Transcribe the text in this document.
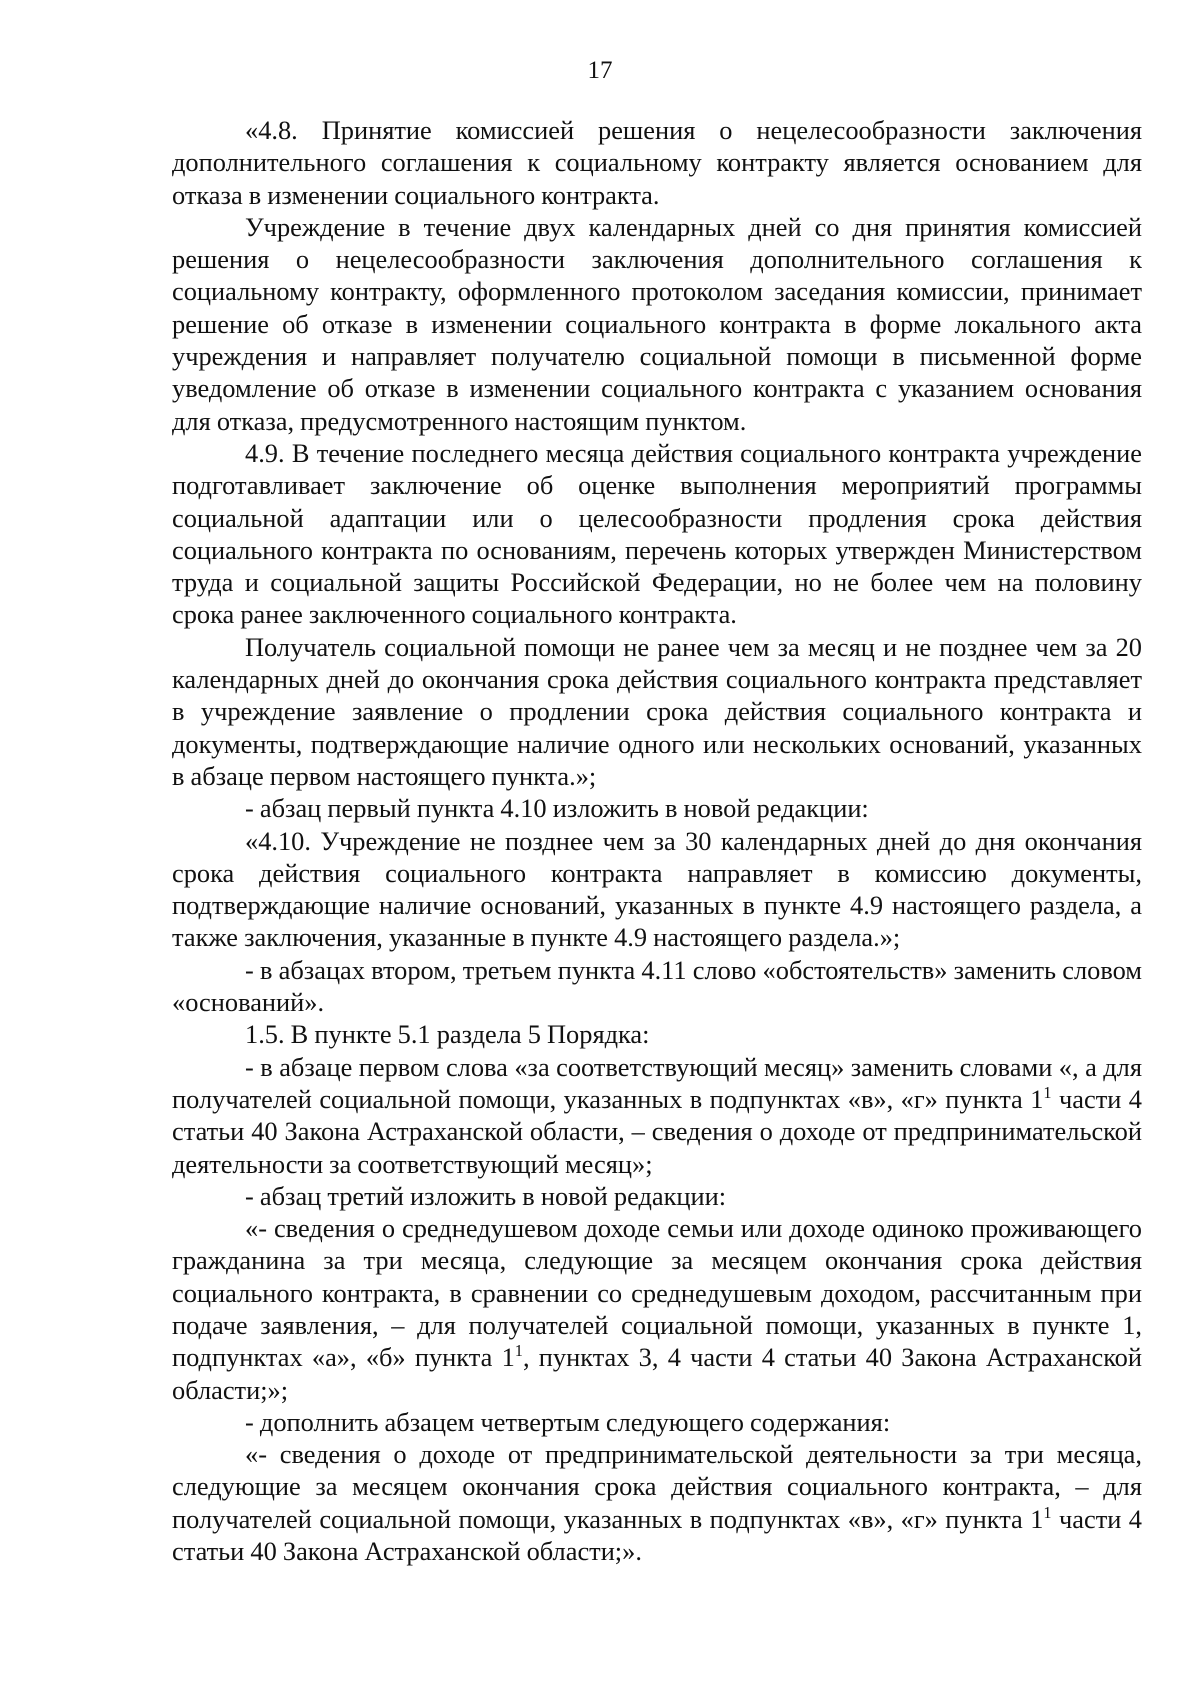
17

«4.8. Принятие комиссией решения о нецелесообразности заключения дополнительного соглашения к социальному контракту является основанием для отказа в изменении социального контракта.

Учреждение в течение двух календарных дней со дня принятия комиссией решения о нецелесообразности заключения дополнительного соглашения к социальному контракту, оформленного протоколом заседания комиссии, принимает решение об отказе в изменении социального контракта в форме локального акта учреждения и направляет получателю социальной помощи в письменной форме уведомление об отказе в изменении социального контракта с указанием основания для отказа, предусмотренного настоящим пунктом.

4.9. В течение последнего месяца действия социального контракта учреждение подготавливает заключение об оценке выполнения мероприятий программы социальной адаптации или о целесообразности продления срока действия социального контракта по основаниям, перечень которых утвержден Министерством труда и социальной защиты Российской Федерации, но не более чем на половину срока ранее заключенного социального контракта.

Получатель социальной помощи не ранее чем за месяц и не позднее чем за 20 календарных дней до окончания срока действия социального контракта представляет в учреждение заявление о продлении срока действия социального контракта и документы, подтверждающие наличие одного или нескольких оснований, указанных в абзаце первом настоящего пункта.»;

- абзац первый пункта 4.10 изложить в новой редакции:

«4.10. Учреждение не позднее чем за 30 календарных дней до дня окончания срока действия социального контракта направляет в комиссию документы, подтверждающие наличие оснований, указанных в пункте 4.9 настоящего раздела, а также заключения, указанные в пункте 4.9 настоящего раздела.»;

- в абзацах втором, третьем пункта 4.11 слово «обстоятельств» заменить словом «оснований».

1.5. В пункте 5.1 раздела 5 Порядка:

- в абзаце первом слова «за соответствующий месяц» заменить словами «, а для получателей социальной помощи, указанных в подпунктах «в», «г» пункта $1^1$ части 4 статьи 40 Закона Астраханской области, – сведения о доходе от предпринимательской деятельности за соответствующий месяц»;

- абзац третий изложить в новой редакции:

«- сведения о среднедушевом доходе семьи или доходе одиноко проживающего гражданина за три месяца, следующие за месяцем окончания срока действия социального контракта, в сравнении со среднедушевым доходом, рассчитанным при подаче заявления, – для получателей социальной помощи, указанных в пункте 1, подпунктах «а», «б» пункта $1^1$, пунктах 3, 4 части 4 статьи 40 Закона Астраханской области;»;

- дополнить абзацем четвертым следующего содержания:

«- сведения о доходе от предпринимательской деятельности за три месяца, следующие за месяцем окончания срока действия социального контракта, – для получателей социальной помощи, указанных в подпунктах «в», «г» пункта $1^1$ части 4 статьи 40 Закона Астраханской области;».
